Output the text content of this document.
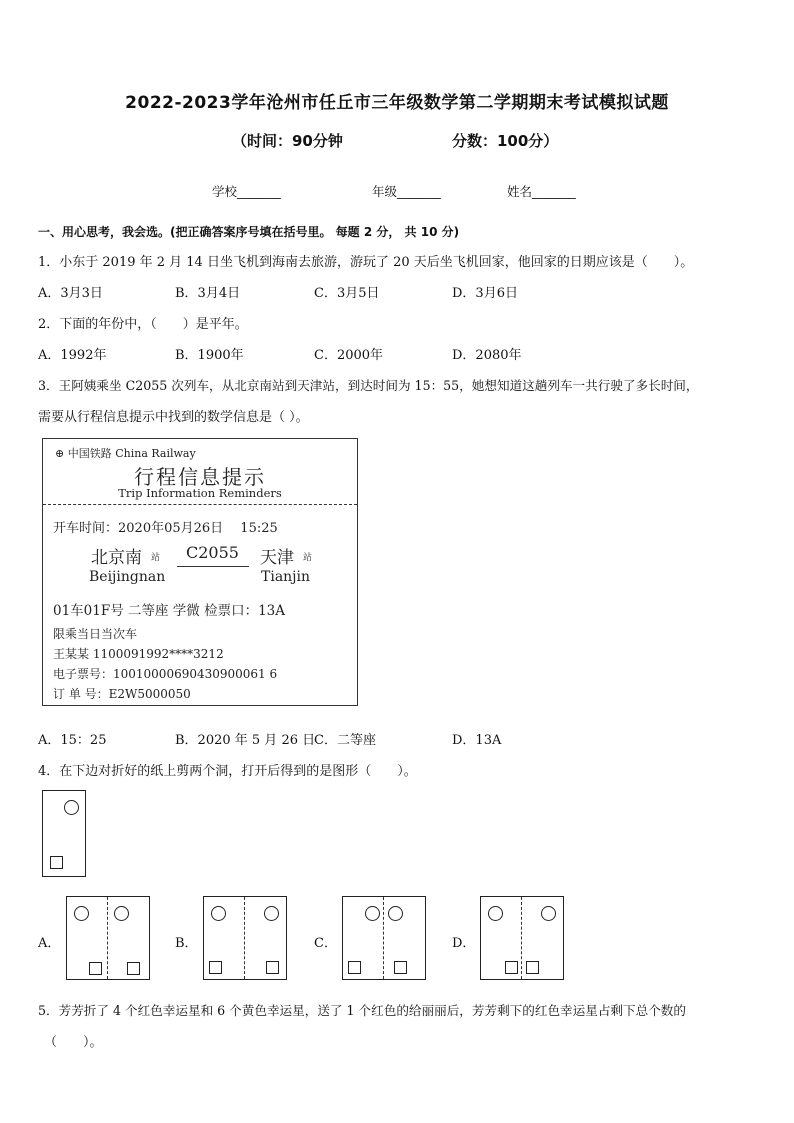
2022-2023学年沧州市任丘市三年级数学第二学期期末考试模拟试题
（时间：90分钟	分数：100分）
学校_______	年级_______	姓名_______
一、用心思考，我会选。(把正确答案序号填在括号里。 每题 2 分， 共 10 分)
1．小东于 2019 年 2 月 14 日坐飞机到海南去旅游，游玩了 20 天后坐飞机回家，他回家的日期应该是（　　）。
A．3月3日	B．3月4日	C．3月5日	D．3月6日
2．下面的年份中，（　　）是平年。
A．1992年	B．1900年	C．2000年	D．2080年
3．王阿姨乘坐 C2055 次列车，从北京南站到天津站，到达时间为 15：55，她想知道这趟列车一共行驶了多长时间，
需要从行程信息提示中找到的数学信息是（ ）。
⊕ 中国铁路 China Railway
行程信息提示
Trip Information Reminders
开车时间：2020年05月26日　 15:25
北京南 站
Beijingnan
C2055 天津 站
Tianjin
01车01F号 二等座 学微 检票口：13A
限乘当日当次车
王某某 1100091992****3212
电子票号：10010000690430900061 6
订 单 号：E2W5000050
A．15：25	B．2020 年 5 月 26 日
C．二等座	D．13A
4．在下边对折好的纸上剪两个洞，打开后得到的是图形（　　）。
A．	B．	C．	D．
5．芳芳折了 4 个红色幸运星和 6 个黄色幸运星，送了 1 个红色的给丽丽后，芳芳剩下的红色幸运星占剩下总个数的
（　　）。
